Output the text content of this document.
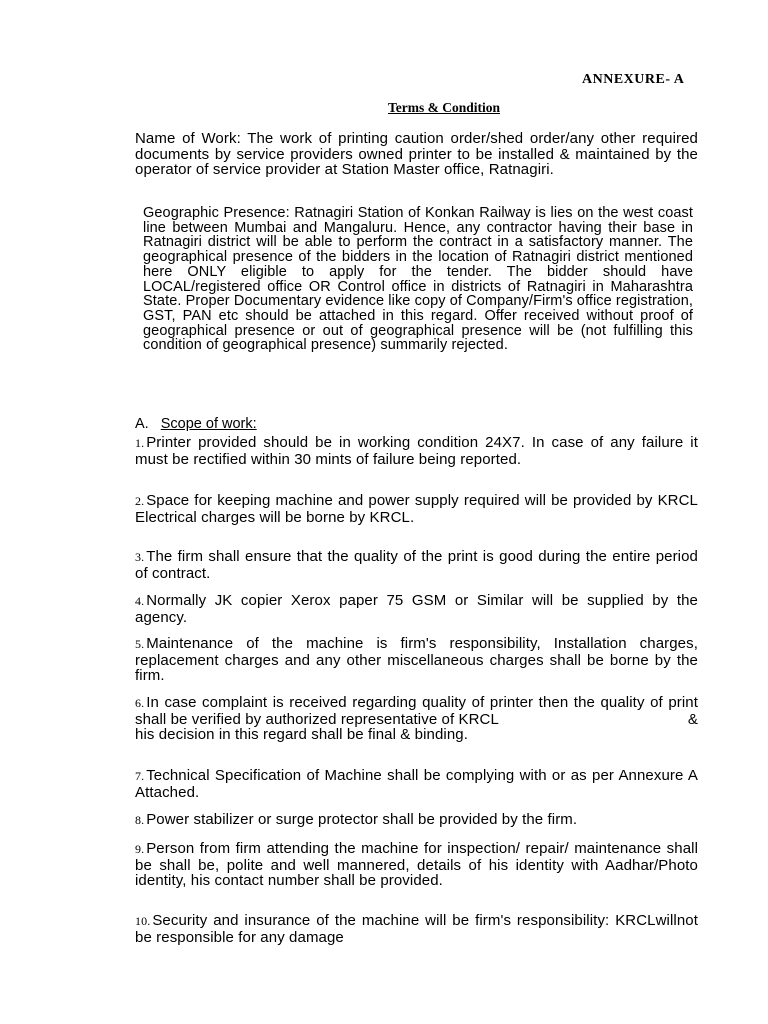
ANNEXURE- A
Terms & Condition
Name of Work: The work of printing caution order/shed order/any other required documents by service providers owned printer to be installed & maintained by the operator of service provider at Station Master office, Ratnagiri.
Geographic Presence: Ratnagiri Station of Konkan Railway is lies on the west coast line between Mumbai and Mangaluru. Hence, any contractor having their base in Ratnagiri district will be able to perform the contract in a satisfactory manner. The geographical presence of the bidders in the location of Ratnagiri district mentioned here ONLY eligible to apply for the tender. The bidder should have LOCAL/registered office OR Control office in districts of Ratnagiri in Maharashtra State. Proper Documentary evidence like copy of Company/Firm's office registration, GST, PAN etc should be attached in this regard. Offer received without proof of geographical presence or out of geographical presence will be (not fulfilling this condition of geographical presence) summarily rejected.
A. Scope of work:
1. Printer provided should be in working condition 24X7. In case of any failure it must be rectified within 30 mints of failure being reported.
2. Space for keeping machine and power supply required will be provided by KRCL Electrical charges will be borne by KRCL.
3. The firm shall ensure that the quality of the print is good during the entire period of contract.
4. Normally JK copier Xerox paper 75 GSM or Similar will be supplied by the agency.
5. Maintenance of the machine is firm's responsibility, Installation charges, replacement charges and any other miscellaneous charges shall be borne by the firm.
6. In case complaint is received regarding quality of printer then the quality of print shall be verified by authorized representative of KRCL	&
his decision in this regard shall be final & binding.
7. Technical Specification of Machine shall be complying with or as per Annexure A Attached.
8. Power stabilizer or surge protector shall be provided by the firm.
9. Person from firm attending the machine for inspection/ repair/ maintenance shall be shall be, polite and well mannered, details of his identity with Aadhar/Photo identity, his contact number shall be provided.
10. Security and insurance of the machine will be firm's responsibility: KRCLwillnot be responsible for any damage
